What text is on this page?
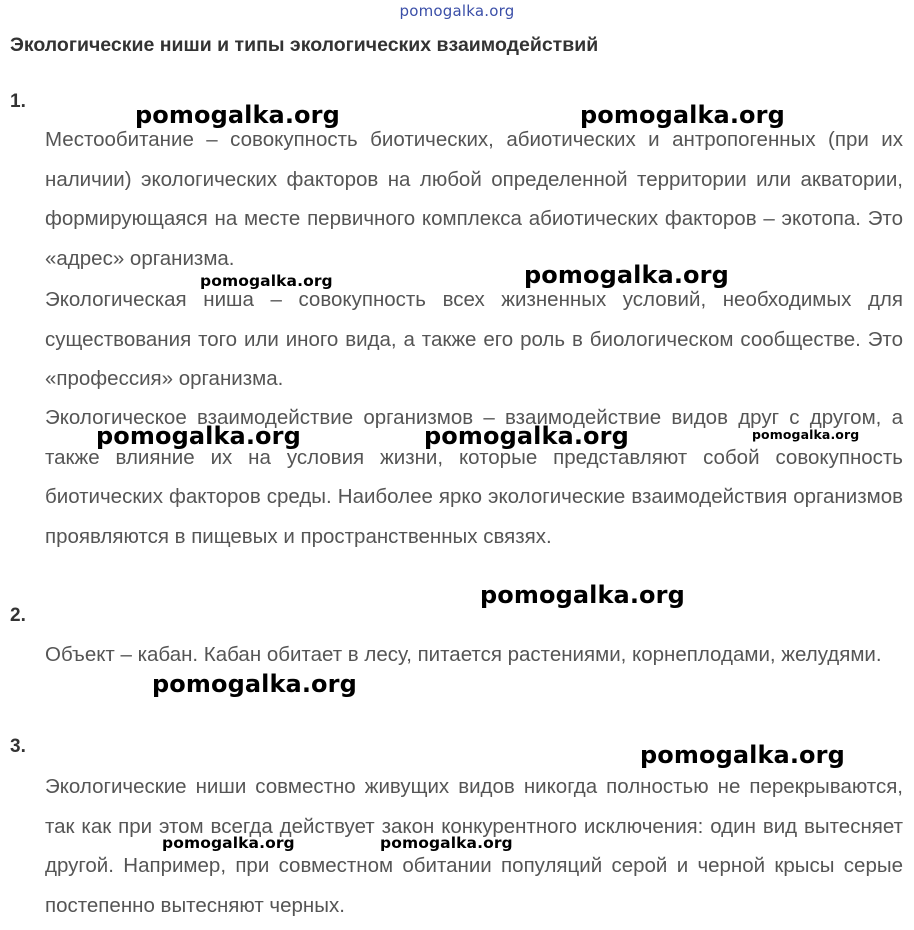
pomogalka.org
Экологические ниши и типы экологических взаимодействий
1.

Местообитание – совокупность биотических, абиотических и антропогенных (при их наличии) экологических факторов на любой определенной территории или акватории, формирующаяся на месте первичного комплекса абиотических факторов – экотопа. Это «адрес» организма.

Экологическая ниша – совокупность всех жизненных условий, необходимых для существования того или иного вида, а также его роль в биологическом сообществе. Это «профессия» организма.

Экологическое взаимодействие организмов – взаимодействие видов друг с другом, а также влияние их на условия жизни, которые представляют собой совокупность биотических факторов среды. Наиболее ярко экологические взаимодействия организмов проявляются в пищевых и пространственных связях.

2.

Объект – кабан. Кабан обитает в лесу, питается растениями, корнеплодами, желудями.

3.

Экологические ниши совместно живущих видов никогда полностью не перекрываются, так как при этом всегда действует закон конкурентного исключения: один вид вытесняет другой. Например, при совместном обитании популяций серой и черной крысы серые постепенно вытесняют черных.

pomogalka.org	pomogalka.org
pomogalka.org	pomogalka.org
pomogalka.org	pomogalka.org	pomogalka.org
pomogalka.org
pomogalka.org
pomogalka.org
pomogalka.org	pomogalka.org
